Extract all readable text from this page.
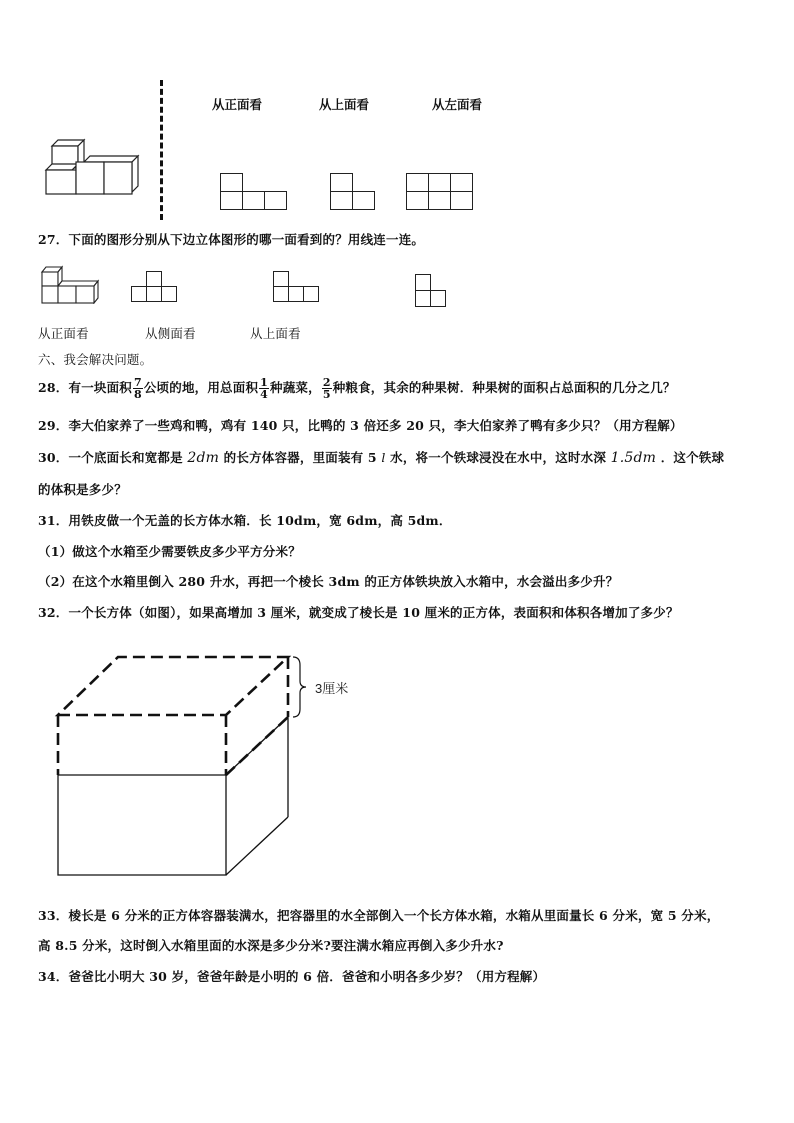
从正面看	从上面看	从左面看
27．下面的图形分别从下边立体图形的哪一面看到的？用线连一连。
从正面看	从侧面看	从上面看
六、我会解决问题。
28．有一块面积 $\frac{7}{8}$ 公顷的地，用总面积 $\frac{1}{4}$ 种蔬菜， $\frac{2}{5}$ 种粮食，其余的种果树．种果树的面积占总面积的几分之几？
29．李大伯家养了一些鸡和鸭，鸡有 140 只，比鸭的 3 倍还多 20 只，李大伯家养了鸭有多少只？（用方程解）
30．一个底面长和宽都是 2dm 的长方体容器，里面装有 5 l 水，将一个铁球浸没在水中，这时水深 1.5dm ．这个铁球
的体积是多少？
31．用铁皮做一个无盖的长方体水箱．长 10dm，宽 6dm，高 5dm．
（1）做这个水箱至少需要铁皮多少平方分米？
（2）在这个水箱里倒入 280 升水，再把一个棱长 3dm 的正方体铁块放入水箱中，水会溢出多少升？
32．一个长方体（如图），如果高增加 3 厘米，就变成了棱长是 10 厘米的正方体，表面积和体积各增加了多少？
3厘米
33．棱长是 6 分米的正方体容器装满水，把容器里的水全部倒入一个长方体水箱，水箱从里面量长 6 分米，宽 5 分米，
高 8.5 分米，这时倒入水箱里面的水深是多少分米?要注满水箱应再倒入多少升水?
34．爸爸比小明大 30 岁，爸爸年龄是小明的 6 倍．爸爸和小明各多少岁？（用方程解）
